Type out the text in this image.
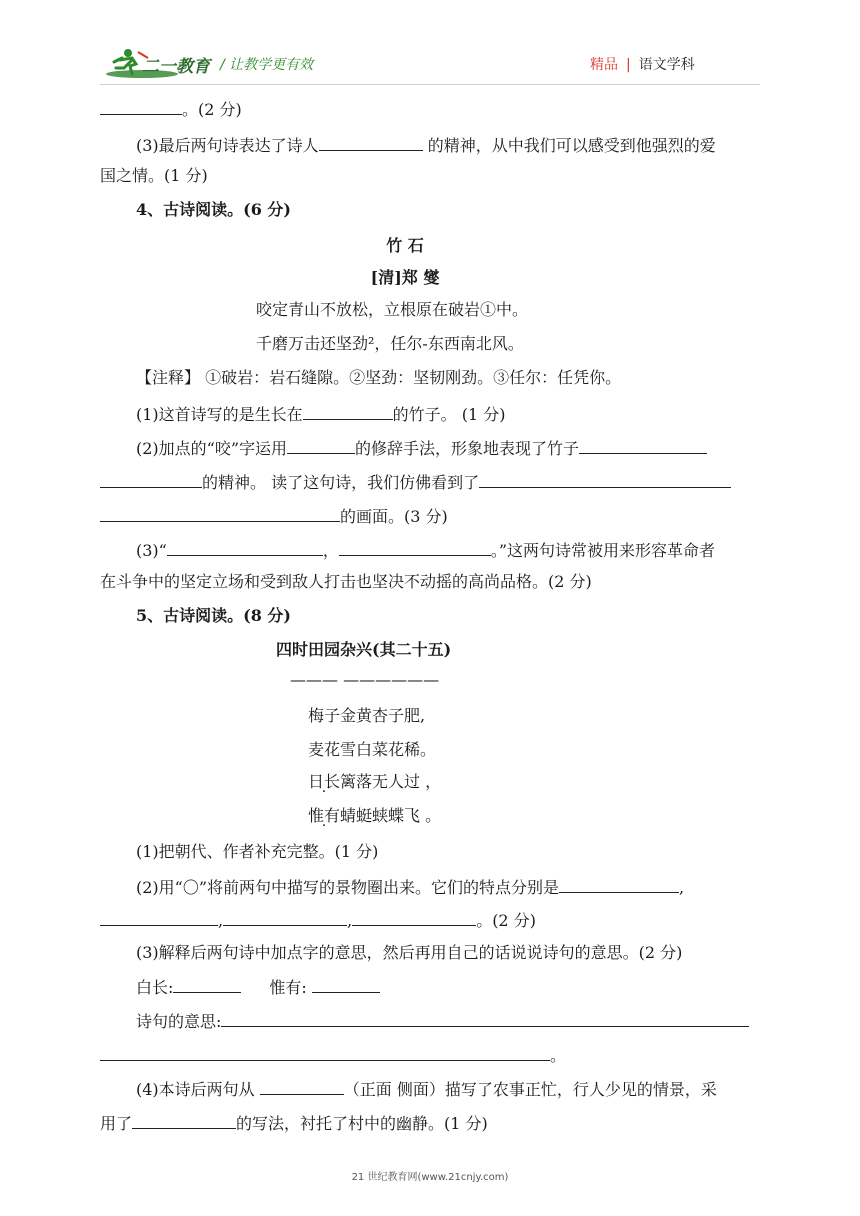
二一教育 / 让教学更有效	精品 | 语文学科
。(2 分)
(3)最后两句诗表达了诗人	的精神，从中我们可以感受到他强烈的爱
国之情。(1 分)
4、古诗阅读。(6 分)
竹 石
[清]郑 燮
咬定青山不放松，立根原在破岩①中。
千磨万击还坚劲²，任尔-东西南北风。
【注释】 ①破岩：岩石缝隙。②坚劲：坚韧刚劲。③任尔：任凭你。
(1)这首诗写的是生长在	的竹子。 (1 分)
(2)加点的“咬”字运用	的修辞手法，形象地表现了竹子
的精神。 读了这句诗，我们仿佛看到了
的画面。(3 分)
(3)“	，	。”这两句诗常被用来形容革命者
在斗争中的坚定立场和受到敌人打击也坚决不动摇的高尚品格。(2 分)
5、古诗阅读。(8 分)
四时田园杂兴(其二十五)
——— ——————
梅子金黄杏子肥,
麦花雪白菜花稀。
日长篱落无人过 ，
惟有蜻蜓蛱蝶飞 。
(1)把朝代、作者补充完整。(1 分)
(2)用“〇”将前两句中描写的景物圈出来。它们的特点分别是	,
,	,	。(2 分)
(3)解释后两句诗中加点字的意思，然后再用自己的话说说诗句的意思。(2 分)
白长:	惟有:
诗句的意思:
。
(4)本诗后两句从	（正面 侧面）描写了农事正忙，行人少见的情景，采
用了	的写法，衬托了村中的幽静。(1 分)
21 世纪教育网(www.21cnjy.com)
